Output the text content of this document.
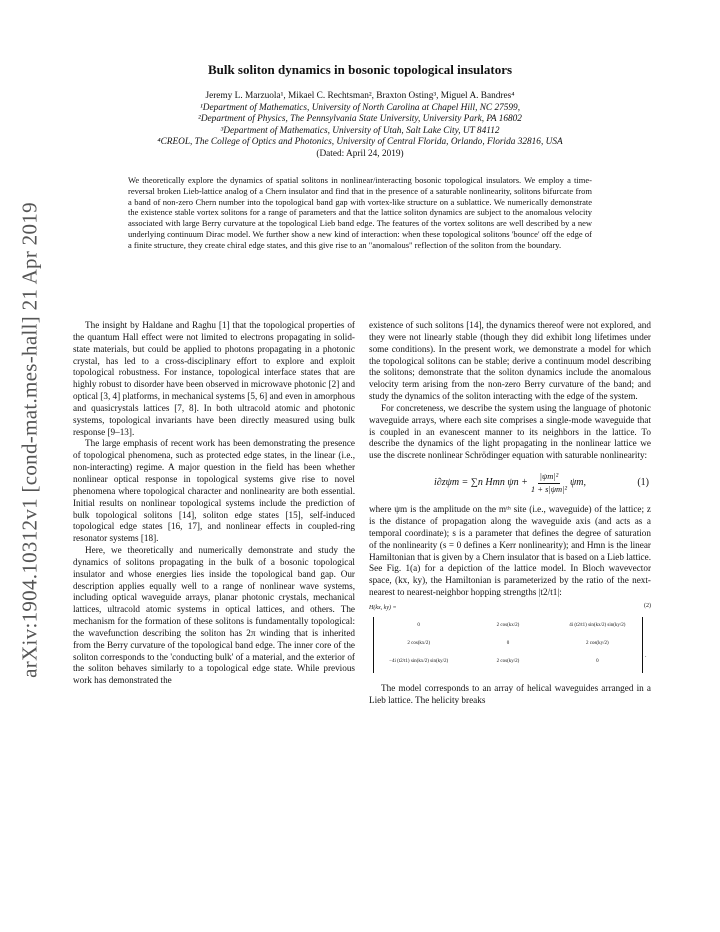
arXiv:1904.10312v1 [cond-mat.mes-hall] 21 Apr 2019
Bulk soliton dynamics in bosonic topological insulators
Jeremy L. Marzuola¹, Mikael C. Rechtsman², Braxton Osting³, Miguel A. Bandres⁴
¹Department of Mathematics, University of North Carolina at Chapel Hill, NC 27599,
²Department of Physics, The Pennsylvania State University, University Park, PA 16802
³Department of Mathematics, University of Utah, Salt Lake City, UT 84112
⁴CREOL, The College of Optics and Photonics, University of Central Florida, Orlando, Florida 32816, USA
(Dated: April 24, 2019)
We theoretically explore the dynamics of spatial solitons in nonlinear/interacting bosonic topological insulators. We employ a time-reversal broken Lieb-lattice analog of a Chern insulator and find that in the presence of a saturable nonlinearity, solitons bifurcate from a band of non-zero Chern number into the topological band gap with vortex-like structure on a sublattice. We numerically demonstrate the existence stable vortex solitons for a range of parameters and that the lattice soliton dynamics are subject to the anomalous velocity associated with large Berry curvature at the topological Lieb band edge. The features of the vortex solitons are well described by a new underlying continuum Dirac model. We further show a new kind of interaction: when these topological solitons 'bounce' off the edge of a finite structure, they create chiral edge states, and this give rise to an "anomalous" reflection of the soliton from the boundary.

The insight by Haldane and Raghu [1] that the topological properties of the quantum Hall effect were not limited to electrons propagating in solid-state materials, but could be applied to photons propagating in a photonic crystal, has led to a cross-disciplinary effort to explore and exploit topological robustness. For instance, topological interface states that are highly robust to disorder have been observed in microwave photonic [2] and optical [3, 4] platforms, in mechanical systems [5, 6] and even in amorphous and quasicrystals lattices [7, 8]. In both ultracold atomic and photonic systems, topological invariants have been directly measured using bulk response [9–13].

The large emphasis of recent work has been demonstrating the presence of topological phenomena, such as protected edge states, in the linear (i.e., non-interacting) regime. A major question in the field has been whether nonlinear optical response in topological systems give rise to novel phenomena where topological character and nonlinearity are both essential. Initial results on nonlinear topological systems include the prediction of bulk topological solitons [14], soliton edge states [15], self-induced topological edge states [16, 17], and nonlinear effects in coupled-ring resonator systems [18].

Here, we theoretically and numerically demonstrate and study the dynamics of solitons propagating in the bulk of a bosonic topological insulator and whose energies lies inside the topological band gap. Our description applies equally well to a range of nonlinear wave systems, including optical waveguide arrays, planar photonic crystals, mechanical lattices, ultracold atomic systems in optical lattices, and others. The mechanism for the formation of these solitons is fundamentally topological: the wavefunction describing the soliton has 2π winding that is inherited from the Berry curvature of the topological band edge. The inner core of the soliton corresponds to the 'conducting bulk' of a material, and the exterior of the soliton behaves similarly to a topological edge state. While previous work has demonstrated the

existence of such solitons [14], the dynamics thereof were not explored, and they were not linearly stable (though they did exhibit long lifetimes under some conditions). In the present work, we demonstrate a model for which the topological solitons can be stable; derive a continuum model describing the solitons; demonstrate that the soliton dynamics include the anomalous velocity term arising from the non-zero Berry curvature of the band; and study the dynamics of the soliton interacting with the edge of the system.

For concreteness, we describe the system using the language of photonic waveguide arrays, where each site comprises a single-mode waveguide that is coupled in an evanescent manner to its neighbors in the lattice. To describe the dynamics of the light propagating in the nonlinear lattice we use the discrete nonlinear Schrödinger equation with saturable nonlinearity:

i∂zψm = ∑n Hmn $\psi n + \frac{\text{|ψm|²}}{\text{1 + s|ψm|²}} \psi m$,	(1)

where ψm is the amplitude on the mᵗʰ site (i.e., waveguide) of the lattice; z is the distance of propagation along the waveguide axis (and acts as a temporal coordinate); s is a parameter that defines the degree of saturation of the nonlinearity (s = 0 defines a Kerr nonlinearity); and Hmn is the linear Hamiltonian that is given by a Chern insulator that is based on a Lieb lattice. See Fig. 1(a) for a depiction of the lattice model. In Bloch wavevector space, (kx, ky), the Hamiltonian is parameterized by the ratio of the next-nearest to nearest-neighbor hopping strengths |t2/t1|:

H(kx, ky) =	(2)
0	2 cos(kx/2)	4i (t2/t1) sin(kx/2) sin(ky/2)
2 cos(kx/2)	0	2 cos(ky/2)
−4i (t2/t1) sin(kx/2) sin(ky/2)	2 cos(ky/2)	0
.

The model corresponds to an array of helical waveguides arranged in a Lieb lattice. The helicity breaks
